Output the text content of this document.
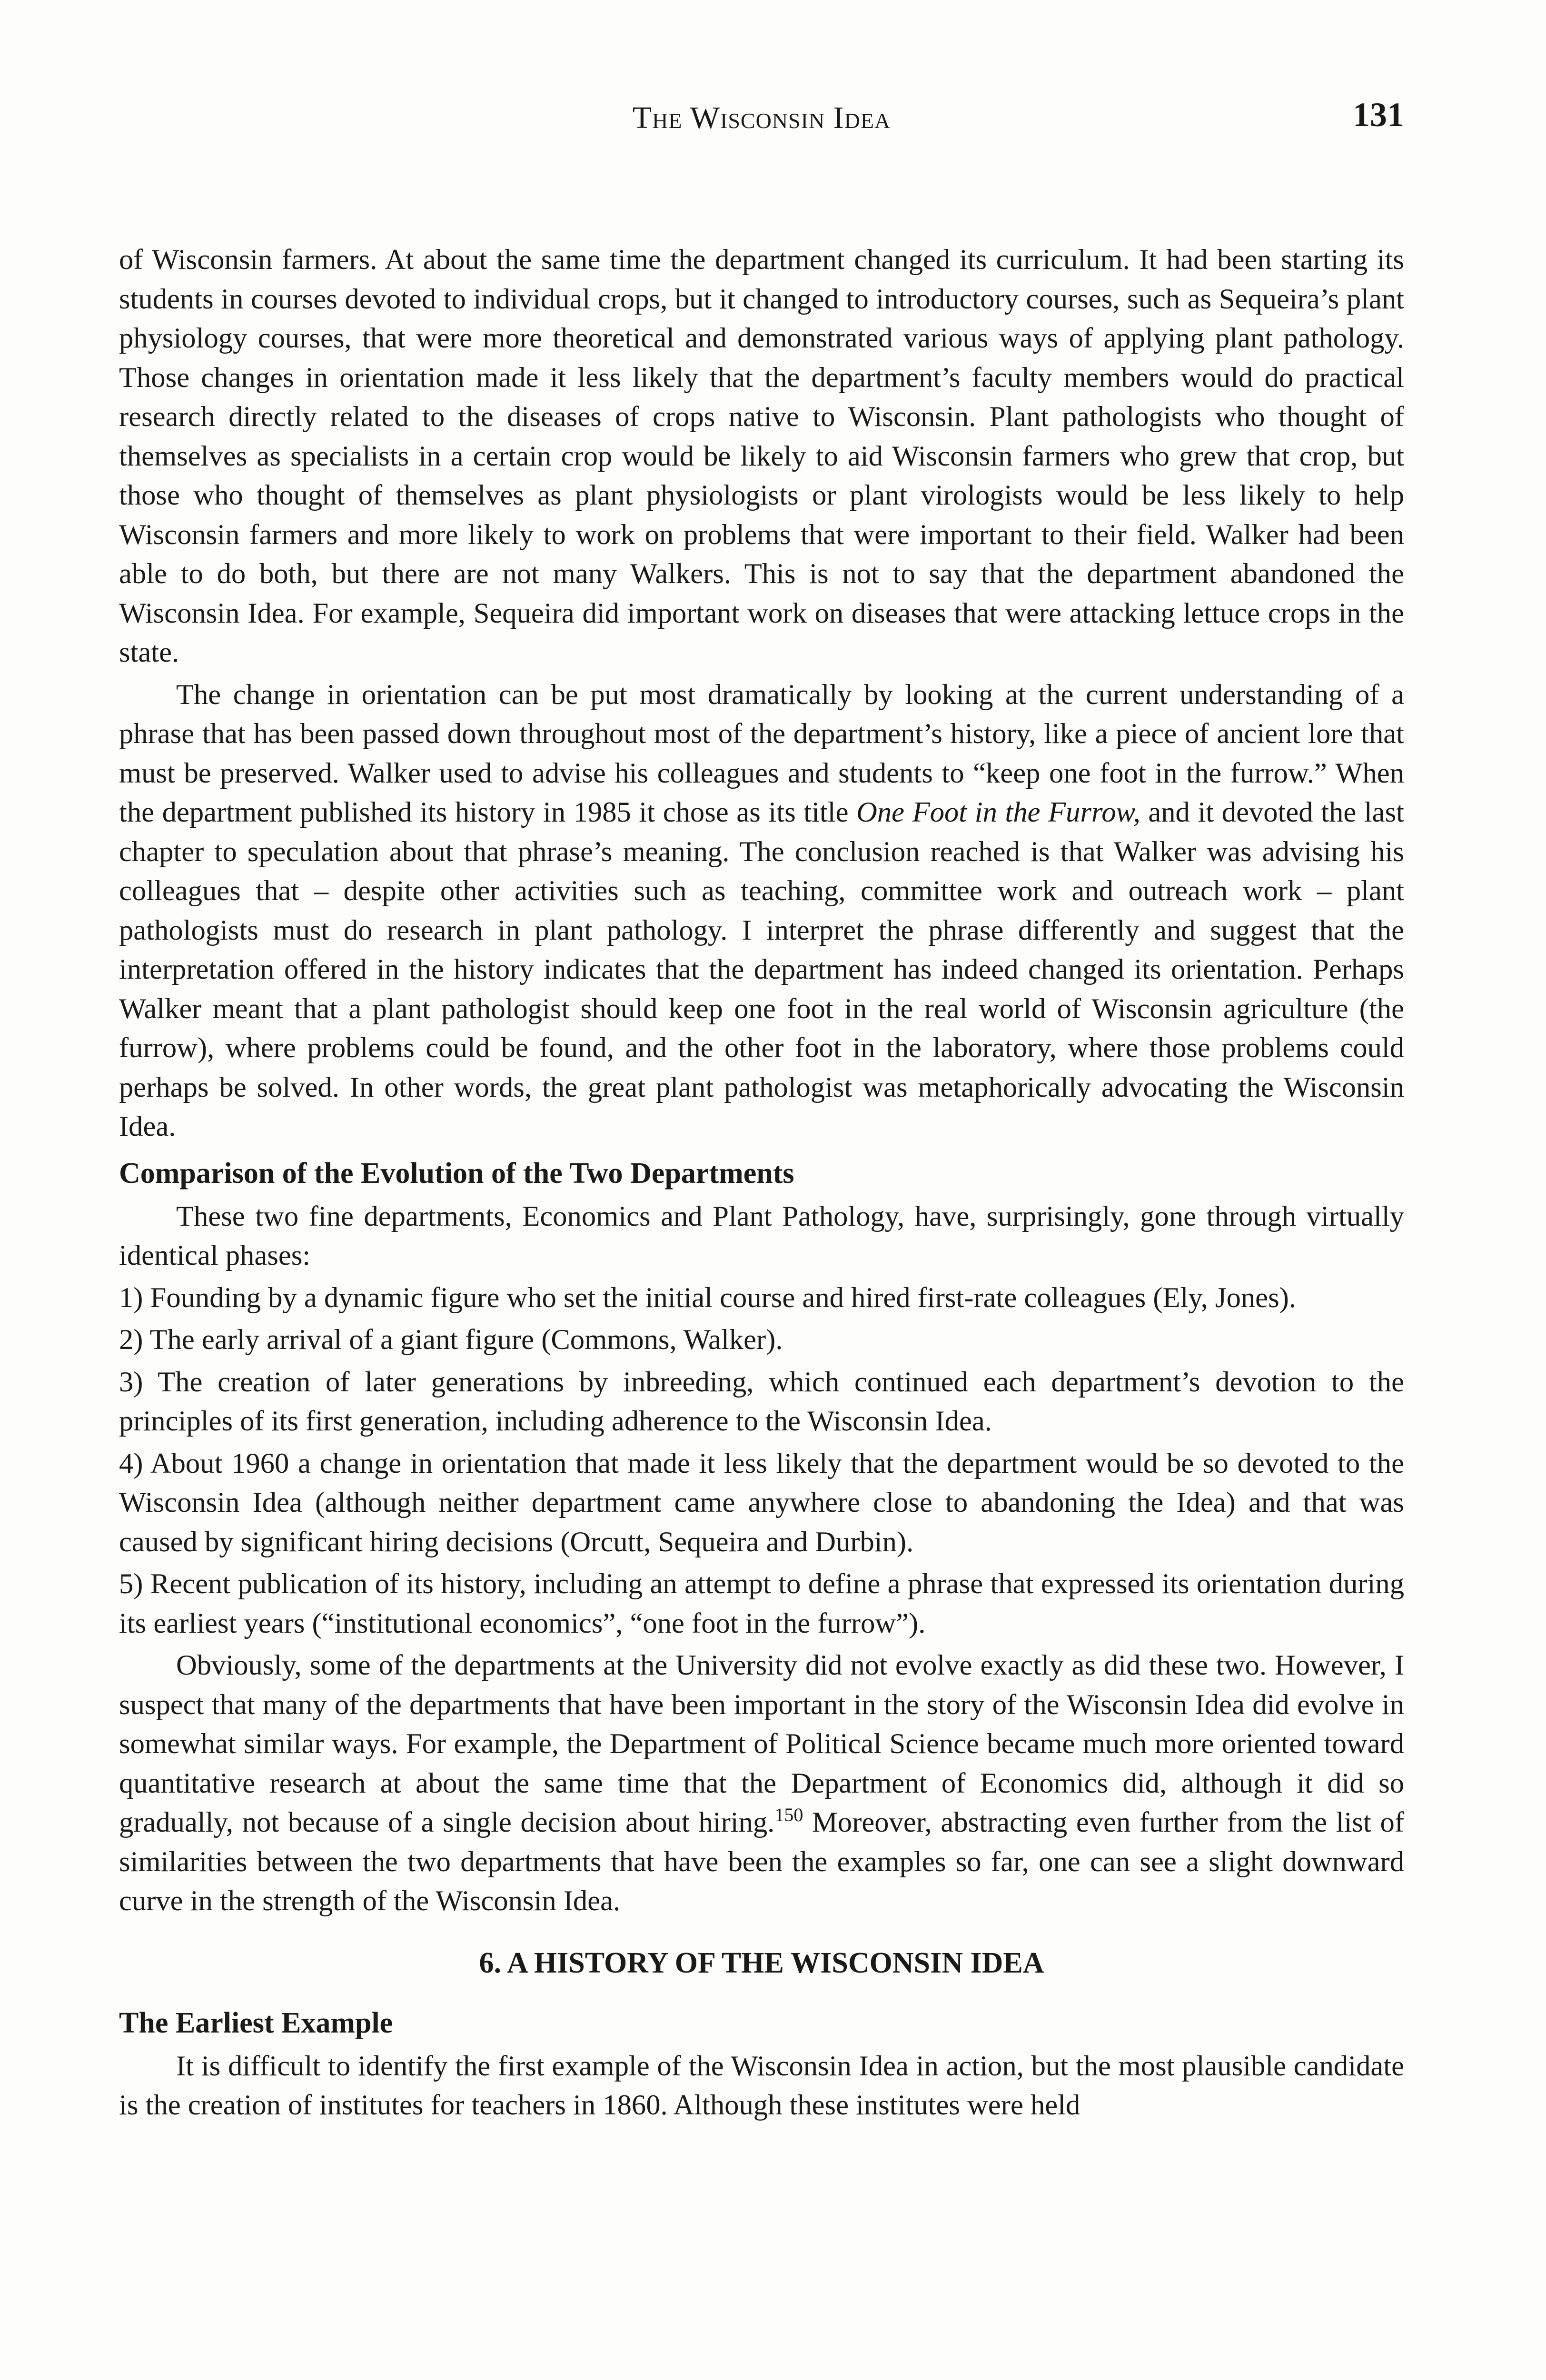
The Wisconsin Idea	131

of Wisconsin farmers. At about the same time the department changed its curriculum. It had been starting its students in courses devoted to individual crops, but it changed to introductory courses, such as Sequeira’s plant physiology courses, that were more theoretical and demonstrated various ways of applying plant pathology. Those changes in orientation made it less likely that the department’s faculty members would do practical research directly related to the diseases of crops native to Wisconsin. Plant pathologists who thought of themselves as specialists in a certain crop would be likely to aid Wisconsin farmers who grew that crop, but those who thought of themselves as plant physiologists or plant virologists would be less likely to help Wisconsin farmers and more likely to work on problems that were important to their field. Walker had been able to do both, but there are not many Walkers. This is not to say that the department abandoned the Wisconsin Idea. For example, Sequeira did important work on diseases that were attacking lettuce crops in the state.

The change in orientation can be put most dramatically by looking at the current understanding of a phrase that has been passed down throughout most of the department’s history, like a piece of ancient lore that must be preserved. Walker used to advise his colleagues and students to “keep one foot in the furrow.” When the department published its history in 1985 it chose as its title One Foot in the Furrow, and it devoted the last chapter to speculation about that phrase’s meaning. The conclusion reached is that Walker was advising his colleagues that – despite other activities such as teaching, committee work and outreach work – plant pathologists must do research in plant pathology. I interpret the phrase differently and suggest that the interpretation offered in the history indicates that the department has indeed changed its orientation. Perhaps Walker meant that a plant pathologist should keep one foot in the real world of Wisconsin agriculture (the furrow), where problems could be found, and the other foot in the laboratory, where those problems could perhaps be solved. In other words, the great plant pathologist was metaphorically advocating the Wisconsin Idea.

Comparison of the Evolution of the Two Departments

These two fine departments, Economics and Plant Pathology, have, surprisingly, gone through virtually identical phases:

1) Founding by a dynamic figure who set the initial course and hired first-rate colleagues (Ely, Jones).

2) The early arrival of a giant figure (Commons, Walker).

3) The creation of later generations by inbreeding, which continued each department’s devotion to the principles of its first generation, including adherence to the Wisconsin Idea.

4) About 1960 a change in orientation that made it less likely that the department would be so devoted to the Wisconsin Idea (although neither department came anywhere close to abandoning the Idea) and that was caused by significant hiring decisions (Orcutt, Sequeira and Durbin).

5) Recent publication of its history, including an attempt to define a phrase that expressed its orientation during its earliest years (“institutional economics”, “one foot in the furrow”).

Obviously, some of the departments at the University did not evolve exactly as did these two. However, I suspect that many of the departments that have been important in the story of the Wisconsin Idea did evolve in somewhat similar ways. For example, the Department of Political Science became much more oriented toward quantitative research at about the same time that the Department of Economics did, although it did so gradually, not because of a single decision about hiring.$^{150}$ Moreover, abstracting even further from the list of similarities between the two departments that have been the examples so far, one can see a slight downward curve in the strength of the Wisconsin Idea.

6. A HISTORY OF THE WISCONSIN IDEA
The Earliest Example

It is difficult to identify the first example of the Wisconsin Idea in action, but the most plausible candidate is the creation of institutes for teachers in 1860. Although these institutes were held
